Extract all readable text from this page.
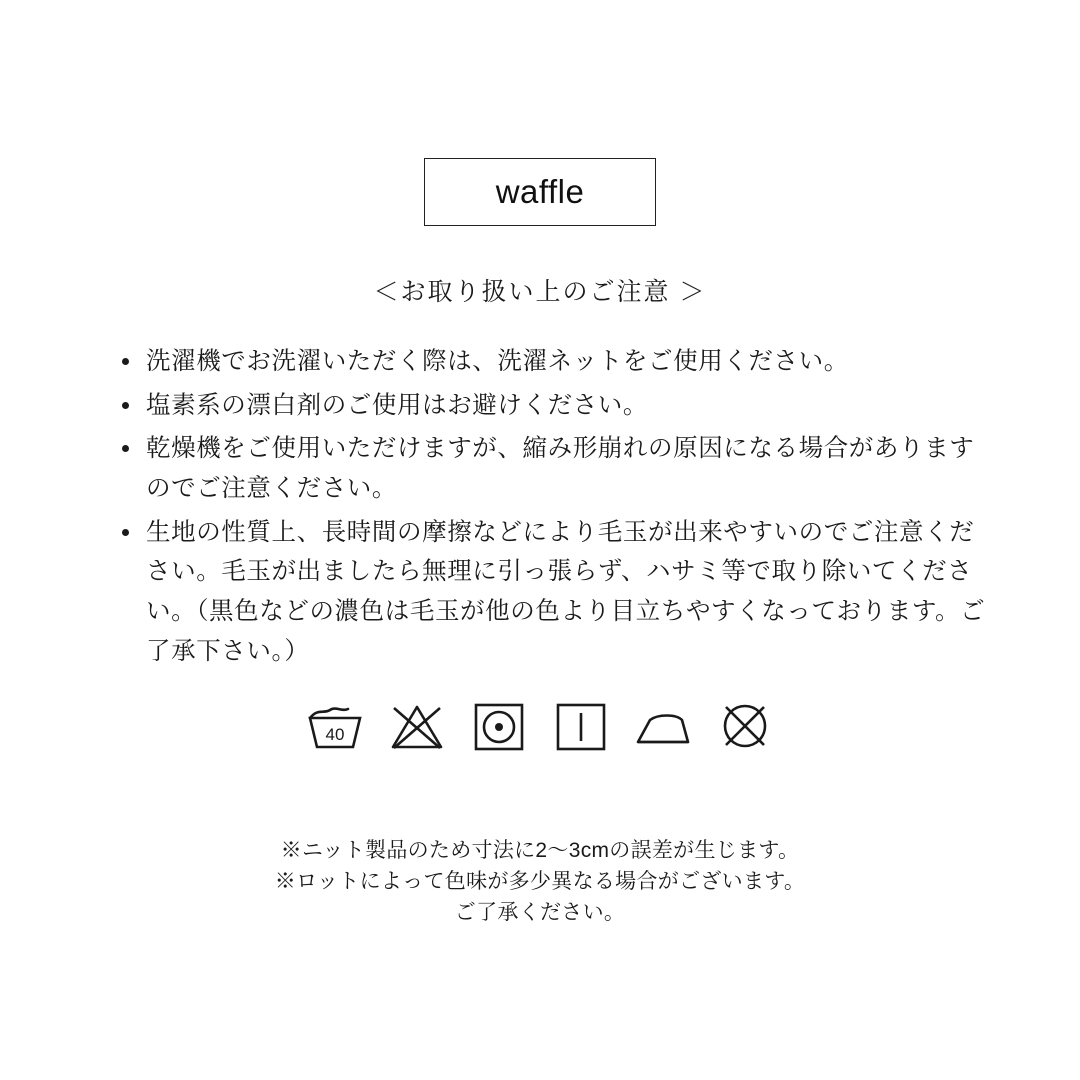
waffle
＜お取り扱い上のご注意 ＞
洗濯機でお洗濯いただく際は、洗濯ネットをご使用ください。
塩素系の漂白剤のご使用はお避けください。
乾燥機をご使用いただけますが、縮み形崩れの原因になる場合がありますのでご注意ください。
生地の性質上、長時間の摩擦などにより毛玉が出来やすいのでご注意ください。毛玉が出ましたら無理に引っ張らず、ハサミ等で取り除いてください。（黒色などの濃色は毛玉が他の色より目立ちやすくなっております。ご了承下さい。）
40
※ニット製品のため寸法に2〜3cmの誤差が生じます。
※ロットによって色味が多少異なる場合がございます。
ご了承ください。
